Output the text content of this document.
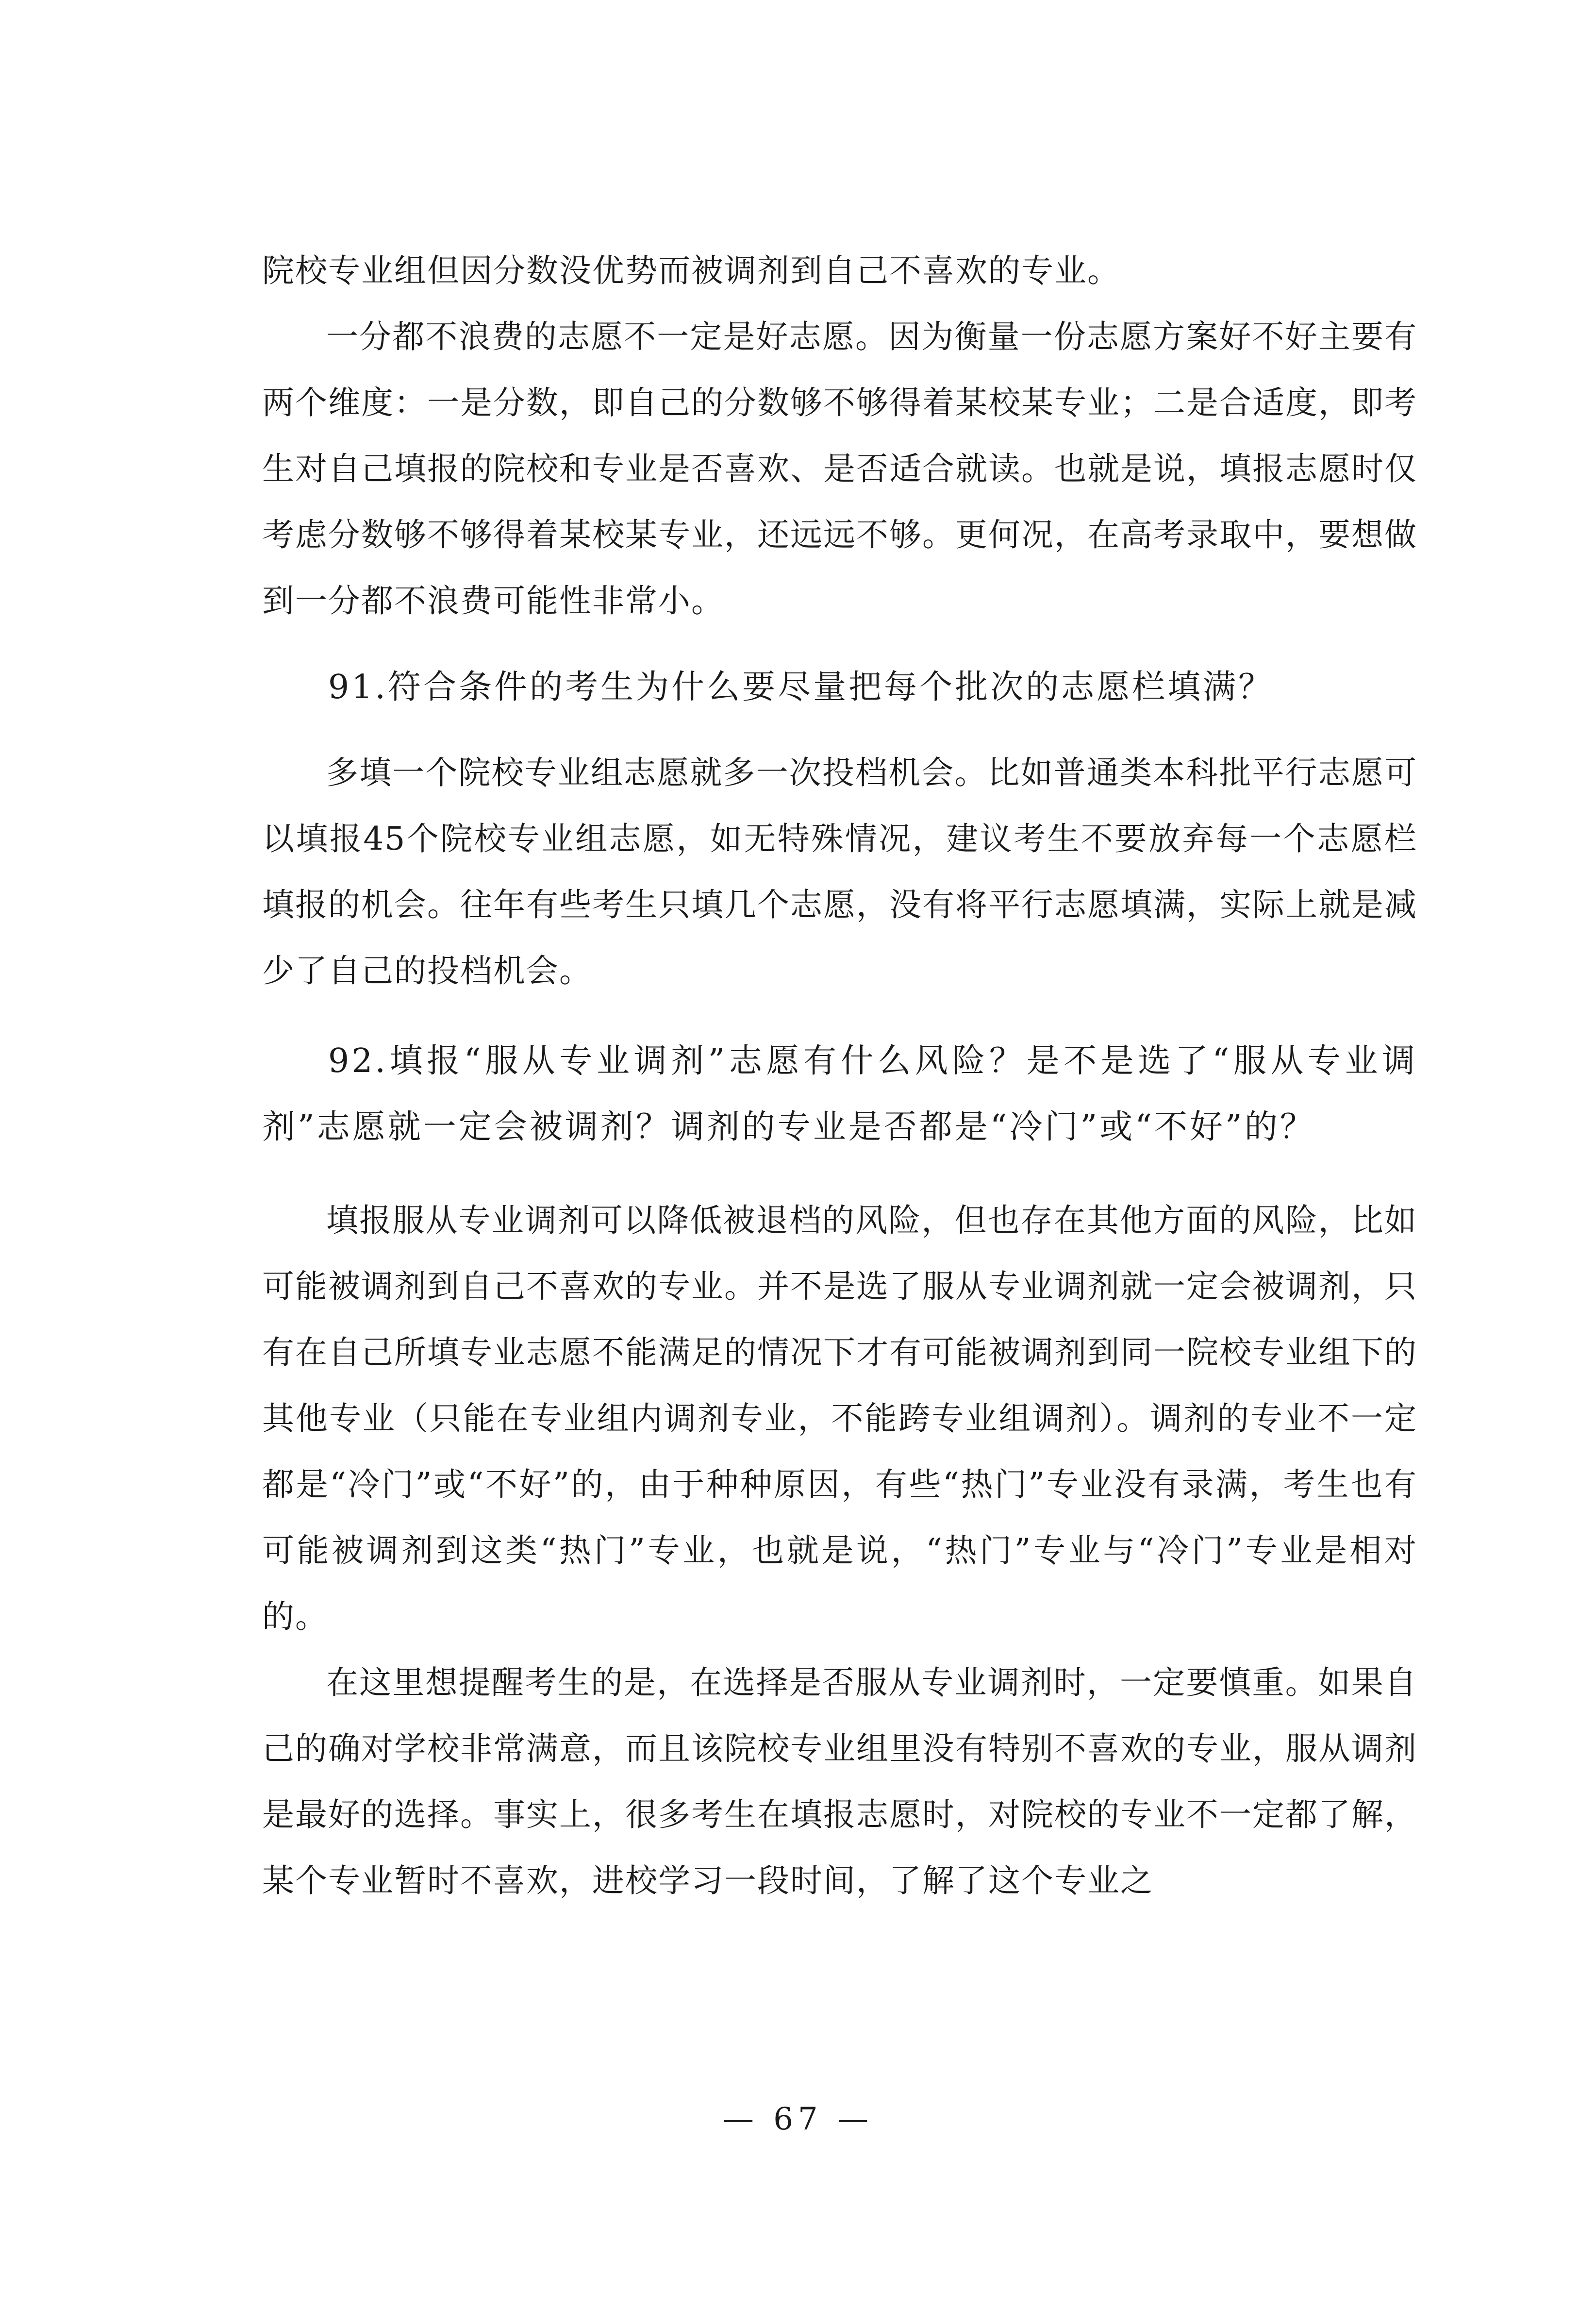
院校专业组但因分数没优势而被调剂到自己不喜欢的专业。

一分都不浪费的志愿不一定是好志愿。因为衡量一份志愿方案好不好主要有两个维度：一是分数，即自己的分数够不够得着某校某专业；二是合适度，即考生对自己填报的院校和专业是否喜欢、是否适合就读。也就是说，填报志愿时仅考虑分数够不够得着某校某专业，还远远不够。更何况，在高考录取中，要想做到一分都不浪费可能性非常小。

91.符合条件的考生为什么要尽量把每个批次的志愿栏填满？

多填一个院校专业组志愿就多一次投档机会。比如普通类本科批平行志愿可以填报45个院校专业组志愿，如无特殊情况，建议考生不要放弃每一个志愿栏填报的机会。往年有些考生只填几个志愿，没有将平行志愿填满，实际上就是减少了自己的投档机会。

92.填报“服从专业调剂”志愿有什么风险？是不是选了“服从专业调剂”志愿就一定会被调剂？调剂的专业是否都是“冷门”或“不好”的？

填报服从专业调剂可以降低被退档的风险，但也存在其他方面的风险，比如可能被调剂到自己不喜欢的专业。并不是选了服从专业调剂就一定会被调剂，只有在自己所填专业志愿不能满足的情况下才有可能被调剂到同一院校专业组下的其他专业（只能在专业组内调剂专业，不能跨专业组调剂）。调剂的专业不一定都是“冷门”或“不好”的，由于种种原因，有些“热门”专业没有录满，考生也有可能被调剂到这类“热门”专业，也就是说，“热门”专业与“冷门”专业是相对的。

在这里想提醒考生的是，在选择是否服从专业调剂时，一定要慎重。如果自己的确对学校非常满意，而且该院校专业组里没有特别不喜欢的专业，服从调剂是最好的选择。事实上，很多考生在填报志愿时，对院校的专业不一定都了解，某个专业暂时不喜欢，进校学习一段时间，了解了这个专业之

— 67 —
